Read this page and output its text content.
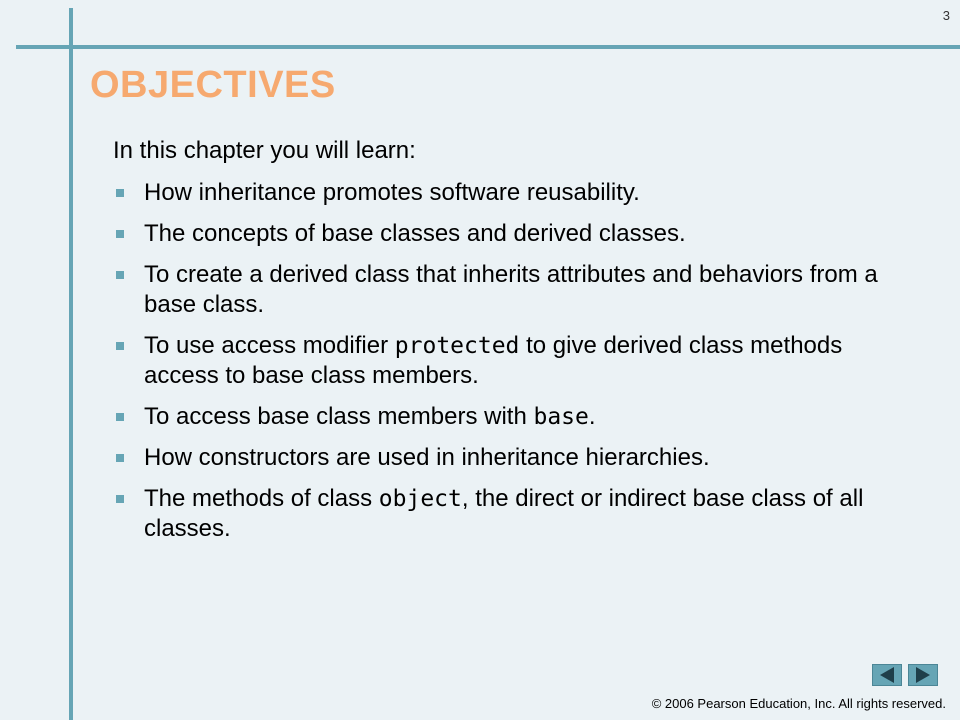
3
OBJECTIVES
In this chapter you will learn:
How inheritance promotes software reusability.
The concepts of base classes and derived classes.
To create a derived class that inherits attributes and behaviors from a base class.
To use access modifier protected to give derived class methods access to base class members.
To access base class members with base.
How constructors are used in inheritance hierarchies.
The methods of class object, the direct or indirect base class of all classes.
© 2006 Pearson Education, Inc. All rights reserved.
